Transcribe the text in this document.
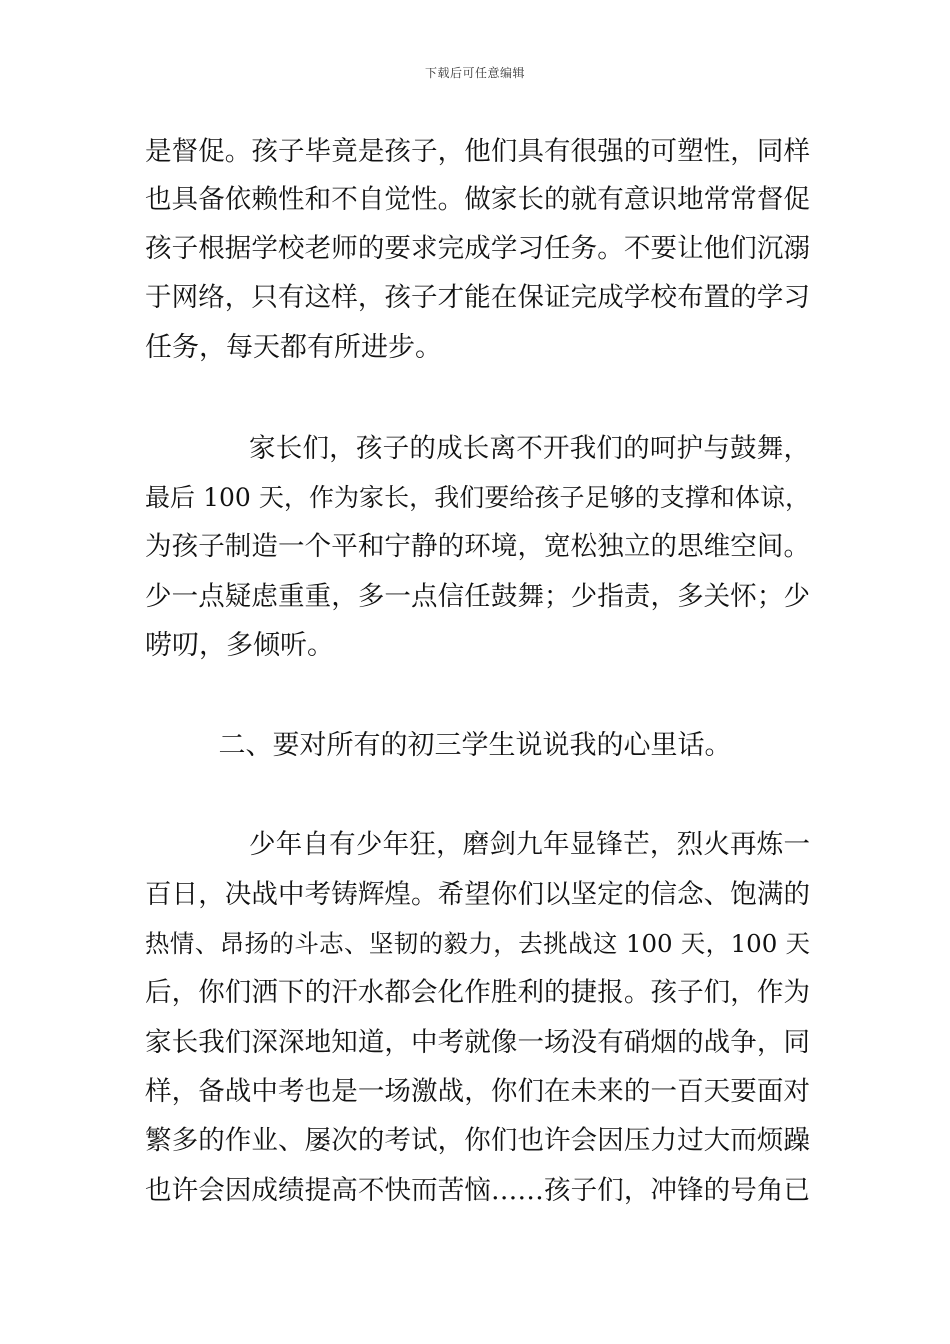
下载后可任意编辑
是督促。孩子毕竟是孩子，他们具有很强的可塑性，同样
也具备依赖性和不自觉性。做家长的就有意识地常常督促
孩子根据学校老师的要求完成学习任务。不要让他们沉溺
于网络，只有这样，孩子才能在保证完成学校布置的学习
任务，每天都有所进步。
家长们，孩子的成长离不开我们的呵护与鼓舞，
最后 100 天，作为家长，我们要给孩子足够的支撑和体谅，
为孩子制造一个平和宁静的环境，宽松独立的思维空间。
少一点疑虑重重，多一点信任鼓舞；少指责，多关怀；少
唠叨，多倾听。
二、要对所有的初三学生说说我的心里话。
少年自有少年狂，磨剑九年显锋芒，烈火再炼一
百日，决战中考铸辉煌。希望你们以坚定的信念、饱满的
热情、昂扬的斗志、坚韧的毅力，去挑战这 100 天，100 天
后，你们洒下的汗水都会化作胜利的捷报。孩子们，作为
家长我们深深地知道，中考就像一场没有硝烟的战争，同
样，备战中考也是一场激战，你们在未来的一百天要面对
繁多的作业、屡次的考试，你们也许会因压力过大而烦躁
也许会因成绩提高不快而苦恼……孩子们，冲锋的号角已
